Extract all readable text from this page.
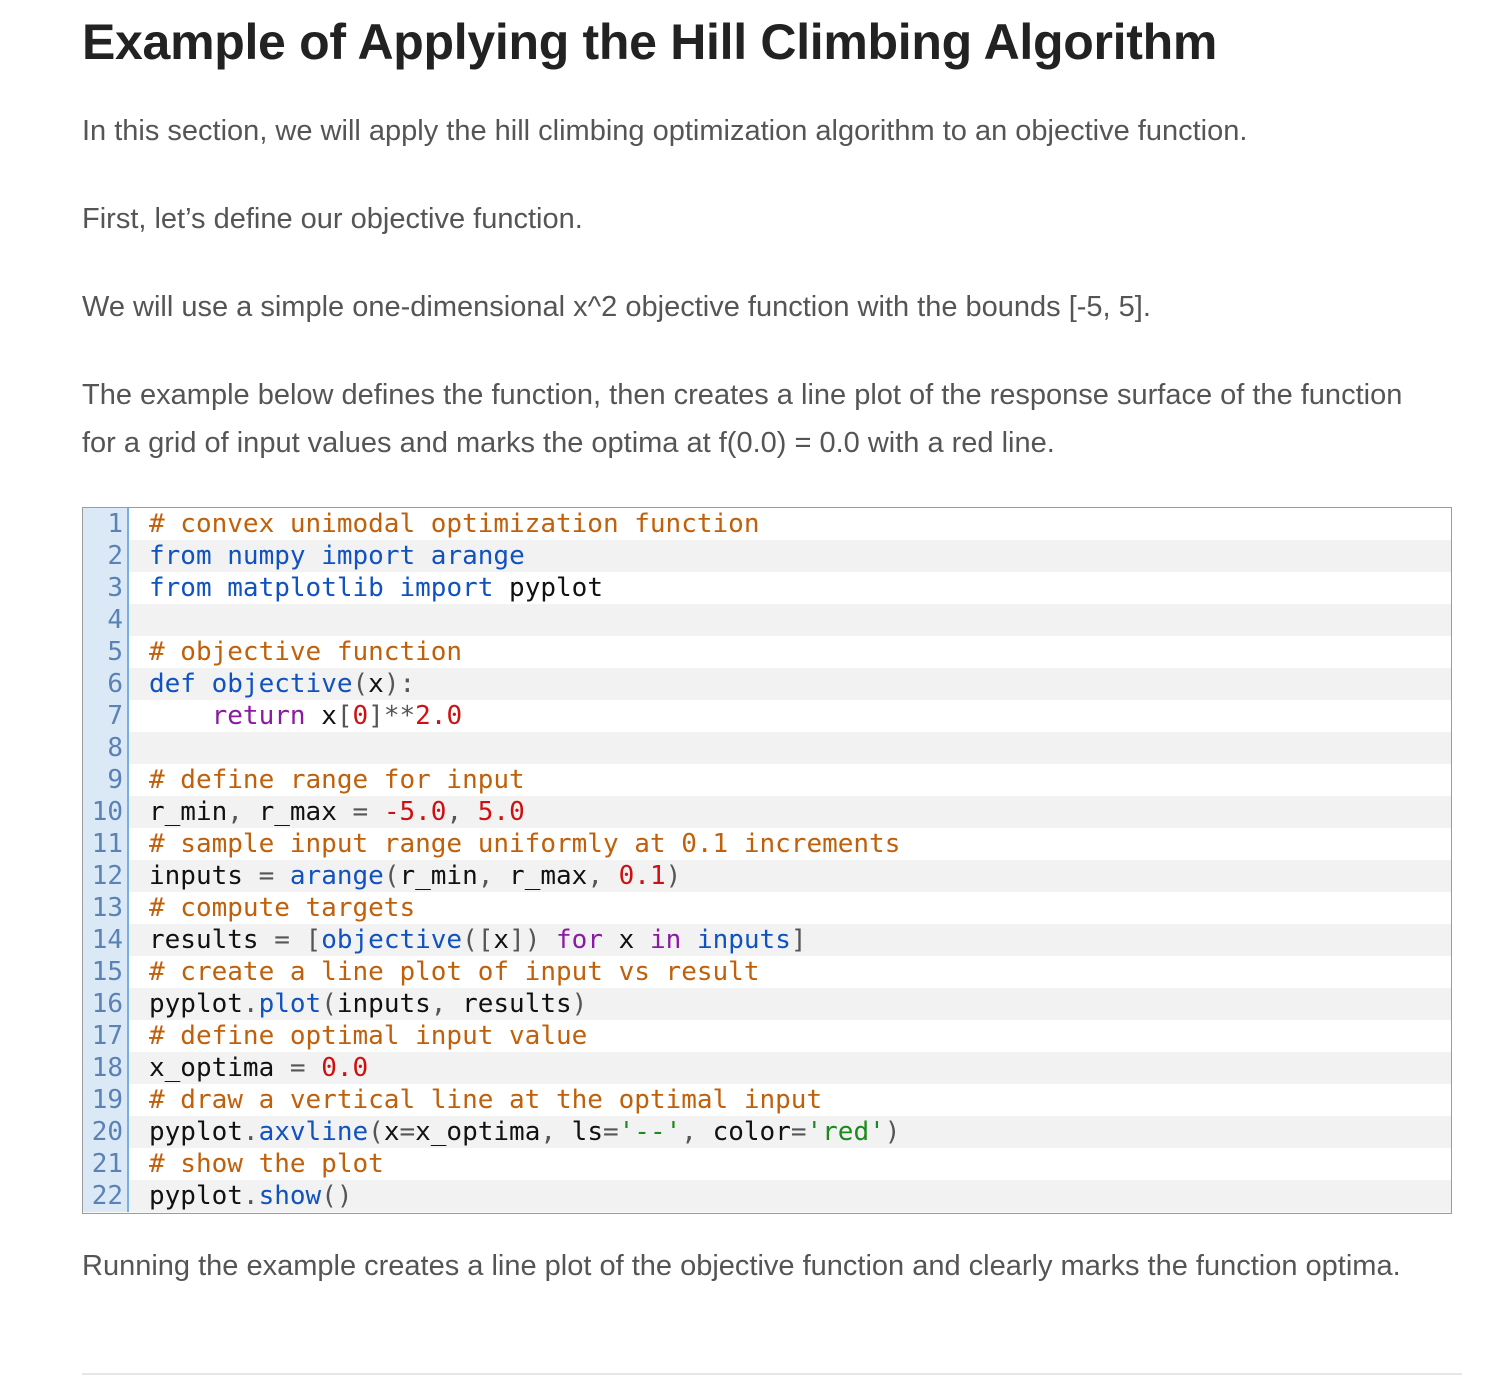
Example of Applying the Hill Climbing Algorithm

In this section, we will apply the hill climbing optimization algorithm to an objective function.

First, let’s define our objective function.

We will use a simple one-dimensional x^2 objective function with the bounds [-5, 5].

The example below defines the function, then creates a line plot of the response surface of the function for a grid of input values and marks the optima at f(0.0) = 0.0 with a red line.

1 # convex unimodal optimization function
2 from numpy import arange
3 from matplotlib import pyplot
4
5 # objective function
6 def objective(x):
7	return x[0]**2.0
8
9 # define range for input
10 r_min, r_max = -5.0, 5.0
11 # sample input range uniformly at 0.1 increments
12 inputs = arange(r_min, r_max, 0.1)
13 # compute targets
14 results = [objective([x]) for x in inputs]
15 # create a line plot of input vs result
16 pyplot.plot(inputs, results)
17 # define optimal input value
18 x_optima = 0.0
19 # draw a vertical line at the optimal input
20 pyplot.axvline(x=x_optima, ls='--', color='red')
21 # show the plot
22 pyplot.show()

Running the example creates a line plot of the objective function and clearly marks the function optima.
